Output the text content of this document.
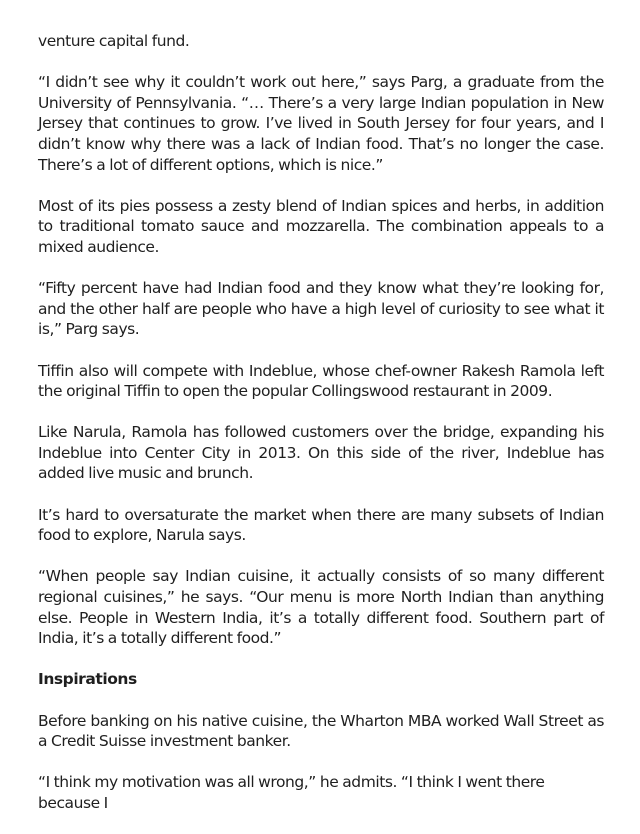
venture capital fund.

“I didn’t see why it couldn’t work out here,” says Parg, a graduate from the University of Pennsylvania. “… There’s a very large Indian population in New Jersey that continues to grow. I’ve lived in South Jersey for four years, and I didn’t know why there was a lack of Indian food. That’s no longer the case. There’s a lot of different options, which is nice.”

Most of its pies possess a zesty blend of Indian spices and herbs, in addition to traditional tomato sauce and mozzarella. The combination appeals to a mixed audience.

“Fifty percent have had Indian food and they know what they’re looking for, and the other half are people who have a high level of curiosity to see what it is,” Parg says.

Tiffin also will compete with Indeblue, whose chef-owner Rakesh Ramola left the original Tiffin to open the popular Collingswood restaurant in 2009.

Like Narula, Ramola has followed customers over the bridge, expanding his Indeblue into Center City in 2013. On this side of the river, Indeblue has added live music and brunch.

It’s hard to oversaturate the market when there are many subsets of Indian food to explore, Narula says.

“When people say Indian cuisine, it actually consists of so many different regional cuisines,” he says. “Our menu is more North Indian than anything else. People in Western India, it’s a totally different food. Southern part of India, it’s a totally different food.”

Inspirations

Before banking on his native cuisine, the Wharton MBA worked Wall Street as a Credit Suisse investment banker.

“I think my motivation was all wrong,” he admits. “I think I went there because I
